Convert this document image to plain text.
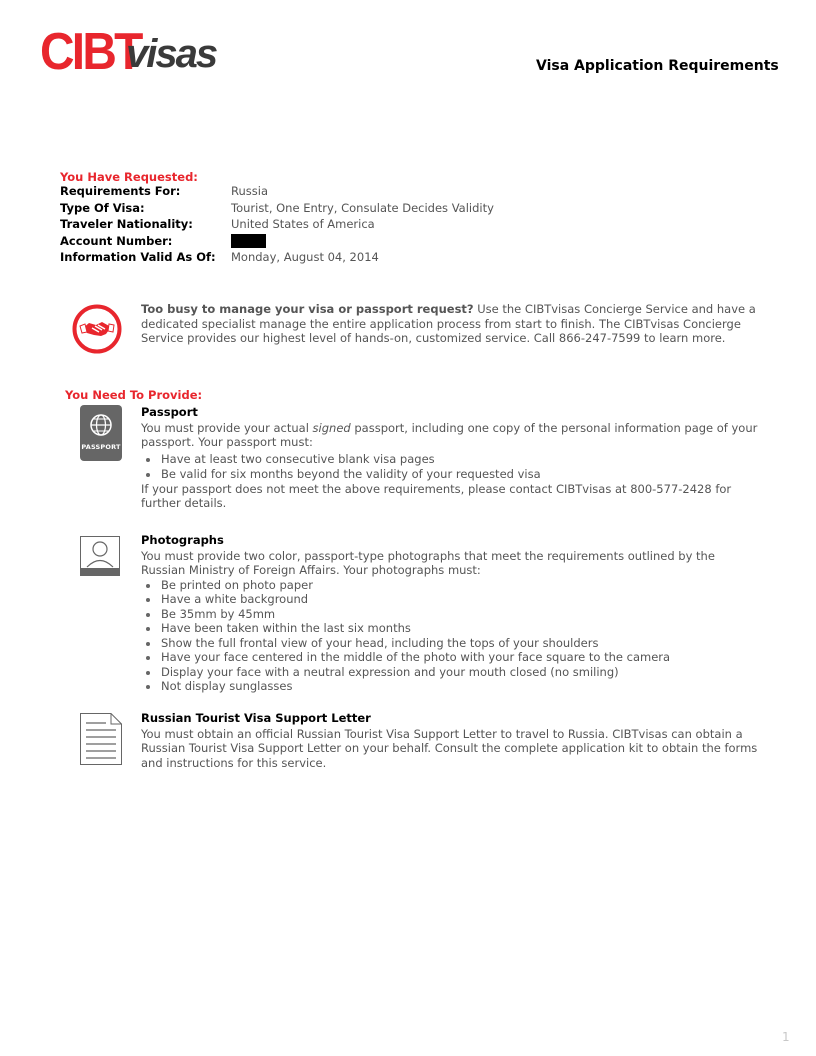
CIBT
visas	Visa Application Requirements
You Have Requested:
Requirements For:	Russia
Type Of Visa:	Tourist, One Entry, Consulate Decides Validity
Traveler Nationality:	United States of America
Account Number:
Information Valid As Of: Monday, August 04, 2014
Too busy to manage your visa or passport request? Use the CIBTvisas Concierge Service and have a dedicated specialist manage the entire application process from start to finish. The CIBTvisas Concierge Service provides our highest level of hands-on, customized service. Call 866-247-7599 to learn more.
You Need To Provide:
PASSPORT
Passport
You must provide your actual signed passport, including one copy of the personal information page of your passport. Your passport must:
Have at least two consecutive blank visa pages
Be valid for six months beyond the validity of your requested visa
If your passport does not meet the above requirements, please contact CIBTvisas at 800-577-2428 for further details.
Photographs
You must provide two color, passport-type photographs that meet the requirements outlined by the Russian Ministry of Foreign Affairs. Your photographs must:
Be printed on photo paper
Have a white background
Be 35mm by 45mm
Have been taken within the last six months
Show the full frontal view of your head, including the tops of your shoulders
Have your face centered in the middle of the photo with your face square to the camera
Display your face with a neutral expression and your mouth closed (no smiling)
Not display sunglasses
Russian Tourist Visa Support Letter
You must obtain an official Russian Tourist Visa Support Letter to travel to Russia. CIBTvisas can obtain a Russian Tourist Visa Support Letter on your behalf. Consult the complete application kit to obtain the forms and instructions for this service.
1
